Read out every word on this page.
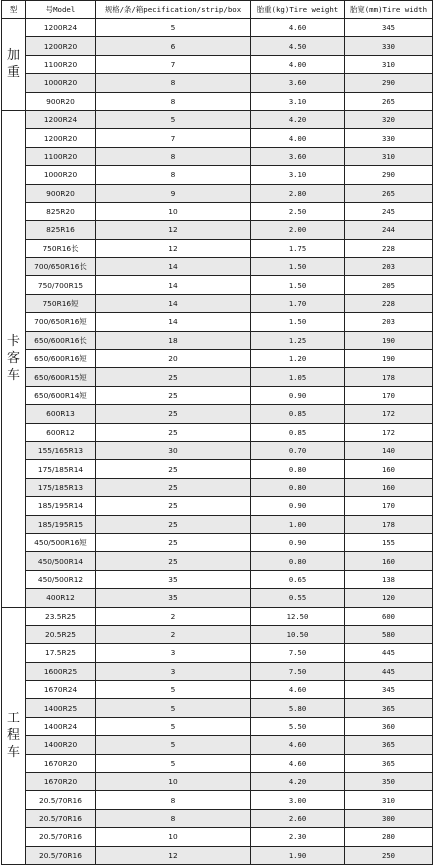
型	号Model	规格/条/箱pecification/strip/box	胎重(kg)Tire weight	胎宽(mm)Tire width

加
重	1200R24	5	4.60	345
	1200R20	6	4.50	330
	1100R20	7	4.00	310
	1000R20	8	3.60	290
	900R20	8	3.10	265

卡
客
车	1200R24	5	4.20	320
	1200R20	7	4.00	330
	1100R20	8	3.60	310
	1000R20	8	3.10	290
	900R20	9	2.80	265
	825R20	10	2.50	245
	825R16	12	2.00	244
	750R16长	12	1.75	228
	700/650R16长	14	1.50	203
	750/700R15	14	1.50	205
	750R16短	14	1.70	228
	700/650R16短	14	1.50	203
	650/600R16长	18	1.25	190
	650/600R16短	20	1.20	190
	650/600R15短	25	1.05	178
	650/600R14短	25	0.90	170
	600R13	25	0.85	172
	600R12	25	0.85	172
	155/165R13	30	0.70	140
	175/185R14	25	0.80	160
	175/185R13	25	0.80	160
	185/195R14	25	0.90	170
	185/195R15	25	1.00	178
	450/500R16短	25	0.90	155
	450/500R14	25	0.80	160
	450/500R12	35	0.65	138
	400R12	35	0.55	120

工
程
车	23.5R25	2	12.50	600
	20.5R25	2	10.50	580
	17.5R25	3	7.50	445
	1600R25	3	7.50	445
	1670R24	5	4.60	345
	1400R25	5	5.80	365
	1400R24	5	5.50	360
	1400R20	5	4.60	365
	1670R20	5	4.60	365
	1670R20	10	4.20	350
	20.5/70R16	8	3.00	310
	20.5/70R16	8	2.60	300
	20.5/70R16	10	2.30	280
	20.5/70R16	12	1.90	250
